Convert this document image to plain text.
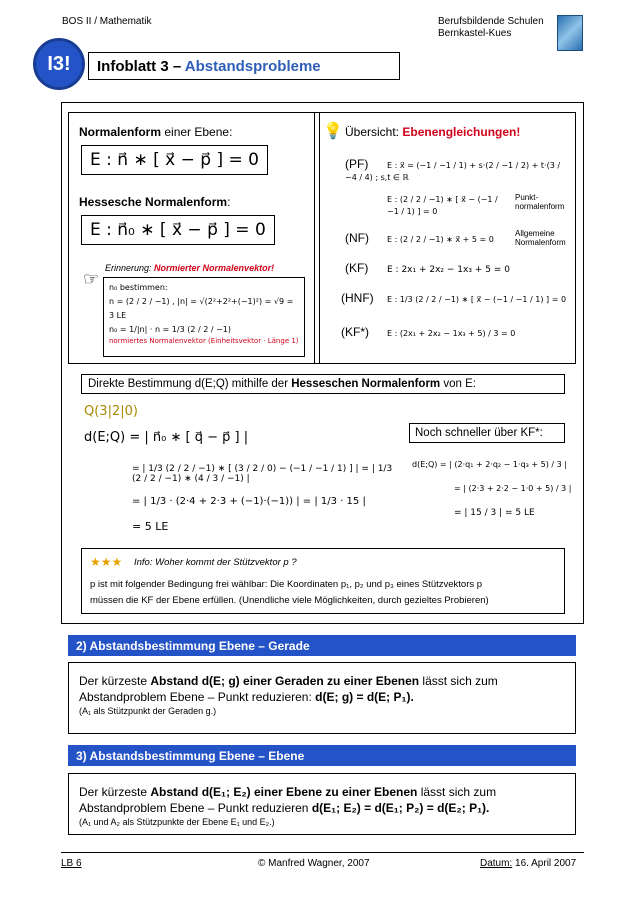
BOS II / Mathematik	Berufsbildende Schulen
Bernkastel-Kues
I3!	Infoblatt 3 – Abstandsprobleme
Normalenform einer Ebene:
E : n⃗ ∗ [ x⃗ − p⃗ ] = 0
Hessesche Normalenform:
E : n⃗₀ ∗ [ x⃗ − p⃗ ] = 0
☞
Erinnerung: Normierter Normalenvektor!
n₀ bestimmen:
n = (2 / 2 / −1) , |n| = √(2²+2²+(−1)²) = √9 = 3 LE
n₀ = 1/|n| · n = 1/3 (2 / 2 / −1)
normiertes Normalenvektor (Einheitsvektor · Länge 1)
💡 Übersicht: Ebenengleichungen!
(PF) E : x⃗ = (−1 / −1 / 1) + s·(2 / −1 / 2) + t·(3 / −4 / 4) ; s,t ∈ ℝ
E : (2 / 2 / −1) ∗ [ x⃗ − (−1 / −1 / 1) ] = 0
Punkt-normalenform
(NF) E : (2 / 2 / −1) ∗ x⃗ + 5 = 0
Allgemeine Normalenform
(KF) E : 2x₁ + 2x₂ − 1x₃ + 5 = 0
(HNF) E : 1/3 (2 / 2 / −1) ∗ [ x⃗ − (−1 / −1 / 1) ] = 0
(KF*) E : (2x₁ + 2x₂ − 1x₃ + 5) / 3 = 0
Direkte Bestimmung d(E;Q) mithilfe der Hesseschen Normalenform von E:
Q(3|2|0)
d(E;Q) = | n⃗₀ ∗ [ q⃗ − p⃗ ] |
= | 1/3 (2 / 2 / −1) ∗ [ (3 / 2 / 0) − (−1 / −1 / 1) ] | = | 1/3 (2 / 2 / −1) ∗ (4 / 3 / −1) |
= | 1/3 · (2·4 + 2·3 + (−1)·(−1)) | = | 1/3 · 15 |
= 5 LE
Noch schneller über KF*:
d(E;Q) = | (2·q₁ + 2·q₂ − 1·q₃ + 5) / 3 |
= | (2·3 + 2·2 − 1·0 + 5) / 3 |
= | 15 / 3 | = 5 LE
★★★ Info: Woher kommt der Stützvektor p ?
p ist mit folgender Bedingung frei wählbar: Die Koordinaten p₁, p₂ und p₃ eines Stützvektors p
müssen die KF der Ebene erfüllen. (Unendliche viele Möglichkeiten, durch gezieltes Probieren)
2) Abstandsbestimmung Ebene – Gerade
Der kürzeste Abstand d(E; g) einer Geraden zu einer Ebenen lässt sich zum
Abstandproblem Ebene – Punkt reduzieren: d(E; g) = d(E; P₁).
(A₁ als Stützpunkt der Geraden g.)
3) Abstandsbestimmung Ebene – Ebene
Der kürzeste Abstand d(E₁; E₂) einer Ebene zu einer Ebenen lässt sich zum
Abstandproblem Ebene – Punkt reduzieren d(E₁; E₂) = d(E₁; P₂) = d(E₂; P₁).
(A₁ und A₂ als Stützpunkte der Ebene E₁ und E₂.)
LB 6	© Manfred Wagner, 2007	Datum: 16. April 2007
